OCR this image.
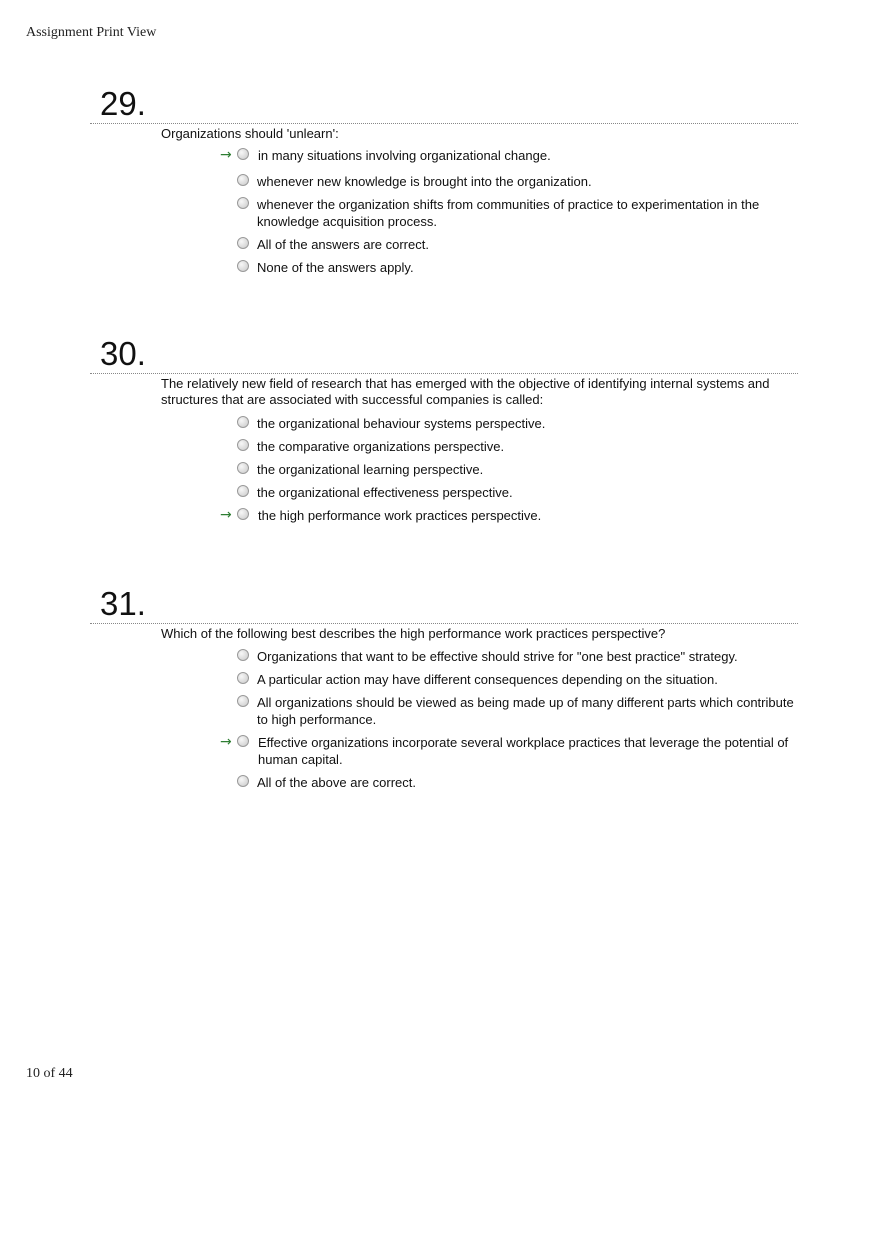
Assignment Print View
29.
Organizations should 'unlearn':
→ in many situations involving organizational change.
whenever new knowledge is brought into the organization.
whenever the organization shifts from communities of practice to experimentation in the knowledge acquisition process.
All of the answers are correct.
None of the answers apply.
30.
The relatively new field of research that has emerged with the objective of identifying internal systems and structures that are associated with successful companies is called:
the organizational behaviour systems perspective.
the comparative organizations perspective.
the organizational learning perspective.
the organizational effectiveness perspective.
→ the high performance work practices perspective.
31.
Which of the following best describes the high performance work practices perspective?
Organizations that want to be effective should strive for "one best practice" strategy.
A particular action may have different consequences depending on the situation.
All organizations should be viewed as being made up of many different parts which contribute to high performance.
→ Effective organizations incorporate several workplace practices that leverage the potential of human capital.
All of the above are correct.
10 of 44
